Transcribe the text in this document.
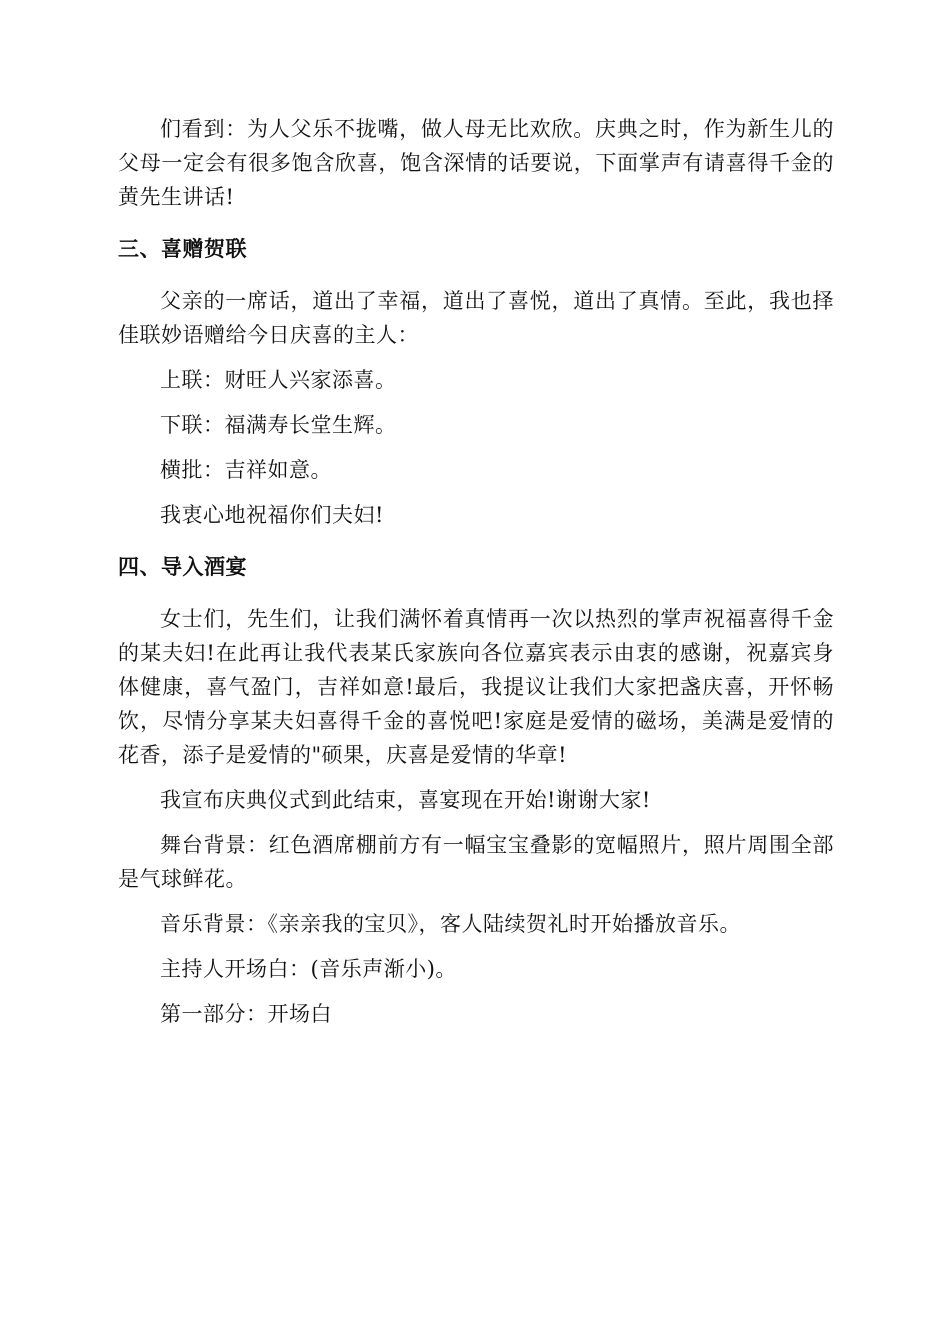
们看到：为人父乐不拢嘴，做人母无比欢欣。庆典之时，作为新生儿的父母一定会有很多饱含欣喜，饱含深情的话要说，下面掌声有请喜得千金的黄先生讲话!

三、喜赠贺联

父亲的一席话，道出了幸福，道出了喜悦，道出了真情。至此，我也择佳联妙语赠给今日庆喜的主人：

上联：财旺人兴家添喜。

下联：福满寿长堂生辉。

横批：吉祥如意。

我衷心地祝福你们夫妇!

四、导入酒宴

女士们，先生们，让我们满怀着真情再一次以热烈的掌声祝福喜得千金的某夫妇!在此再让我代表某氏家族向各位嘉宾表示由衷的感谢，祝嘉宾身体健康，喜气盈门，吉祥如意!最后，我提议让我们大家把盏庆喜，开怀畅饮，尽情分享某夫妇喜得千金的喜悦吧!家庭是爱情的磁场，美满是爱情的花香，添子是爱情的"硕果，庆喜是爱情的华章!

我宣布庆典仪式到此结束，喜宴现在开始!谢谢大家!

舞台背景：红色酒席棚前方有一幅宝宝叠影的宽幅照片，照片周围全部是气球鲜花。

音乐背景：《亲亲我的宝贝》，客人陆续贺礼时开始播放音乐。

主持人开场白：(音乐声渐小)。

第一部分：开场白
